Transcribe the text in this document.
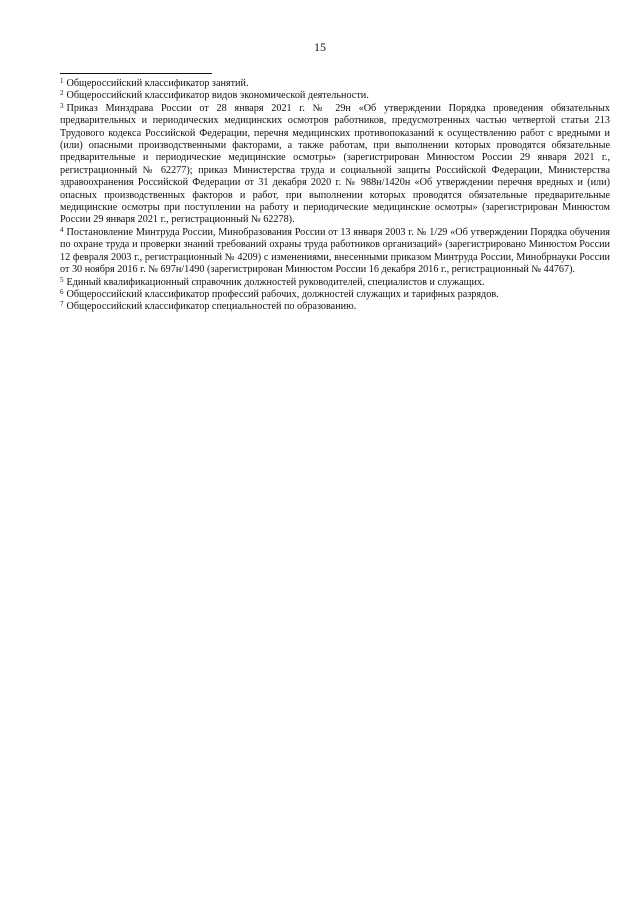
15

$^1$ Общероссийский классификатор занятий.

$^2$ Общероссийский классификатор видов экономической деятельности.

$^3$ Приказ Минздрава России от 28 января 2021 г. № 29н «Об утверждении Порядка проведения обязательных предварительных и периодических медицинских осмотров работников, предусмотренных частью четвертой статьи 213 Трудового кодекса Российской Федерации, перечня медицинских противопоказаний к осуществлению работ с вредными и (или) опасными производственными факторами, а также работам, при выполнении которых проводятся обязательные предварительные и периодические медицинские осмотры» (зарегистрирован Минюстом России 29 января 2021 г., регистрационный № 62277); приказ Министерства труда и социальной защиты Российской Федерации, Министерства здравоохранения Российской Федерации от 31 декабря 2020 г. № 988н/1420н «Об утверждении перечня вредных и (или) опасных производственных факторов и работ, при выполнении которых проводятся обязательные предварительные медицинские осмотры при поступлении на работу и периодические медицинские осмотры» (зарегистрирован Минюстом России 29 января 2021 г., регистрационный № 62278).

$^4$ Постановление Минтруда России, Минобразования России от 13 января 2003 г. № 1/29 «Об утверждении Порядка обучения по охране труда и проверки знаний требований охраны труда работников организаций» (зарегистрировано Минюстом России 12 февраля 2003 г., регистрационный № 4209) с изменениями, внесенными приказом Минтруда России, Минобрнауки России от 30 ноября 2016 г. № 697н/1490 (зарегистрирован Минюстом России 16 декабря 2016 г., регистрационный № 44767).

$^5$ Единый квалификационный справочник должностей руководителей, специалистов и служащих.

$^6$ Общероссийский классификатор профессий рабочих, должностей служащих и тарифных разрядов.

$^7$ Общероссийский классификатор специальностей по образованию.
